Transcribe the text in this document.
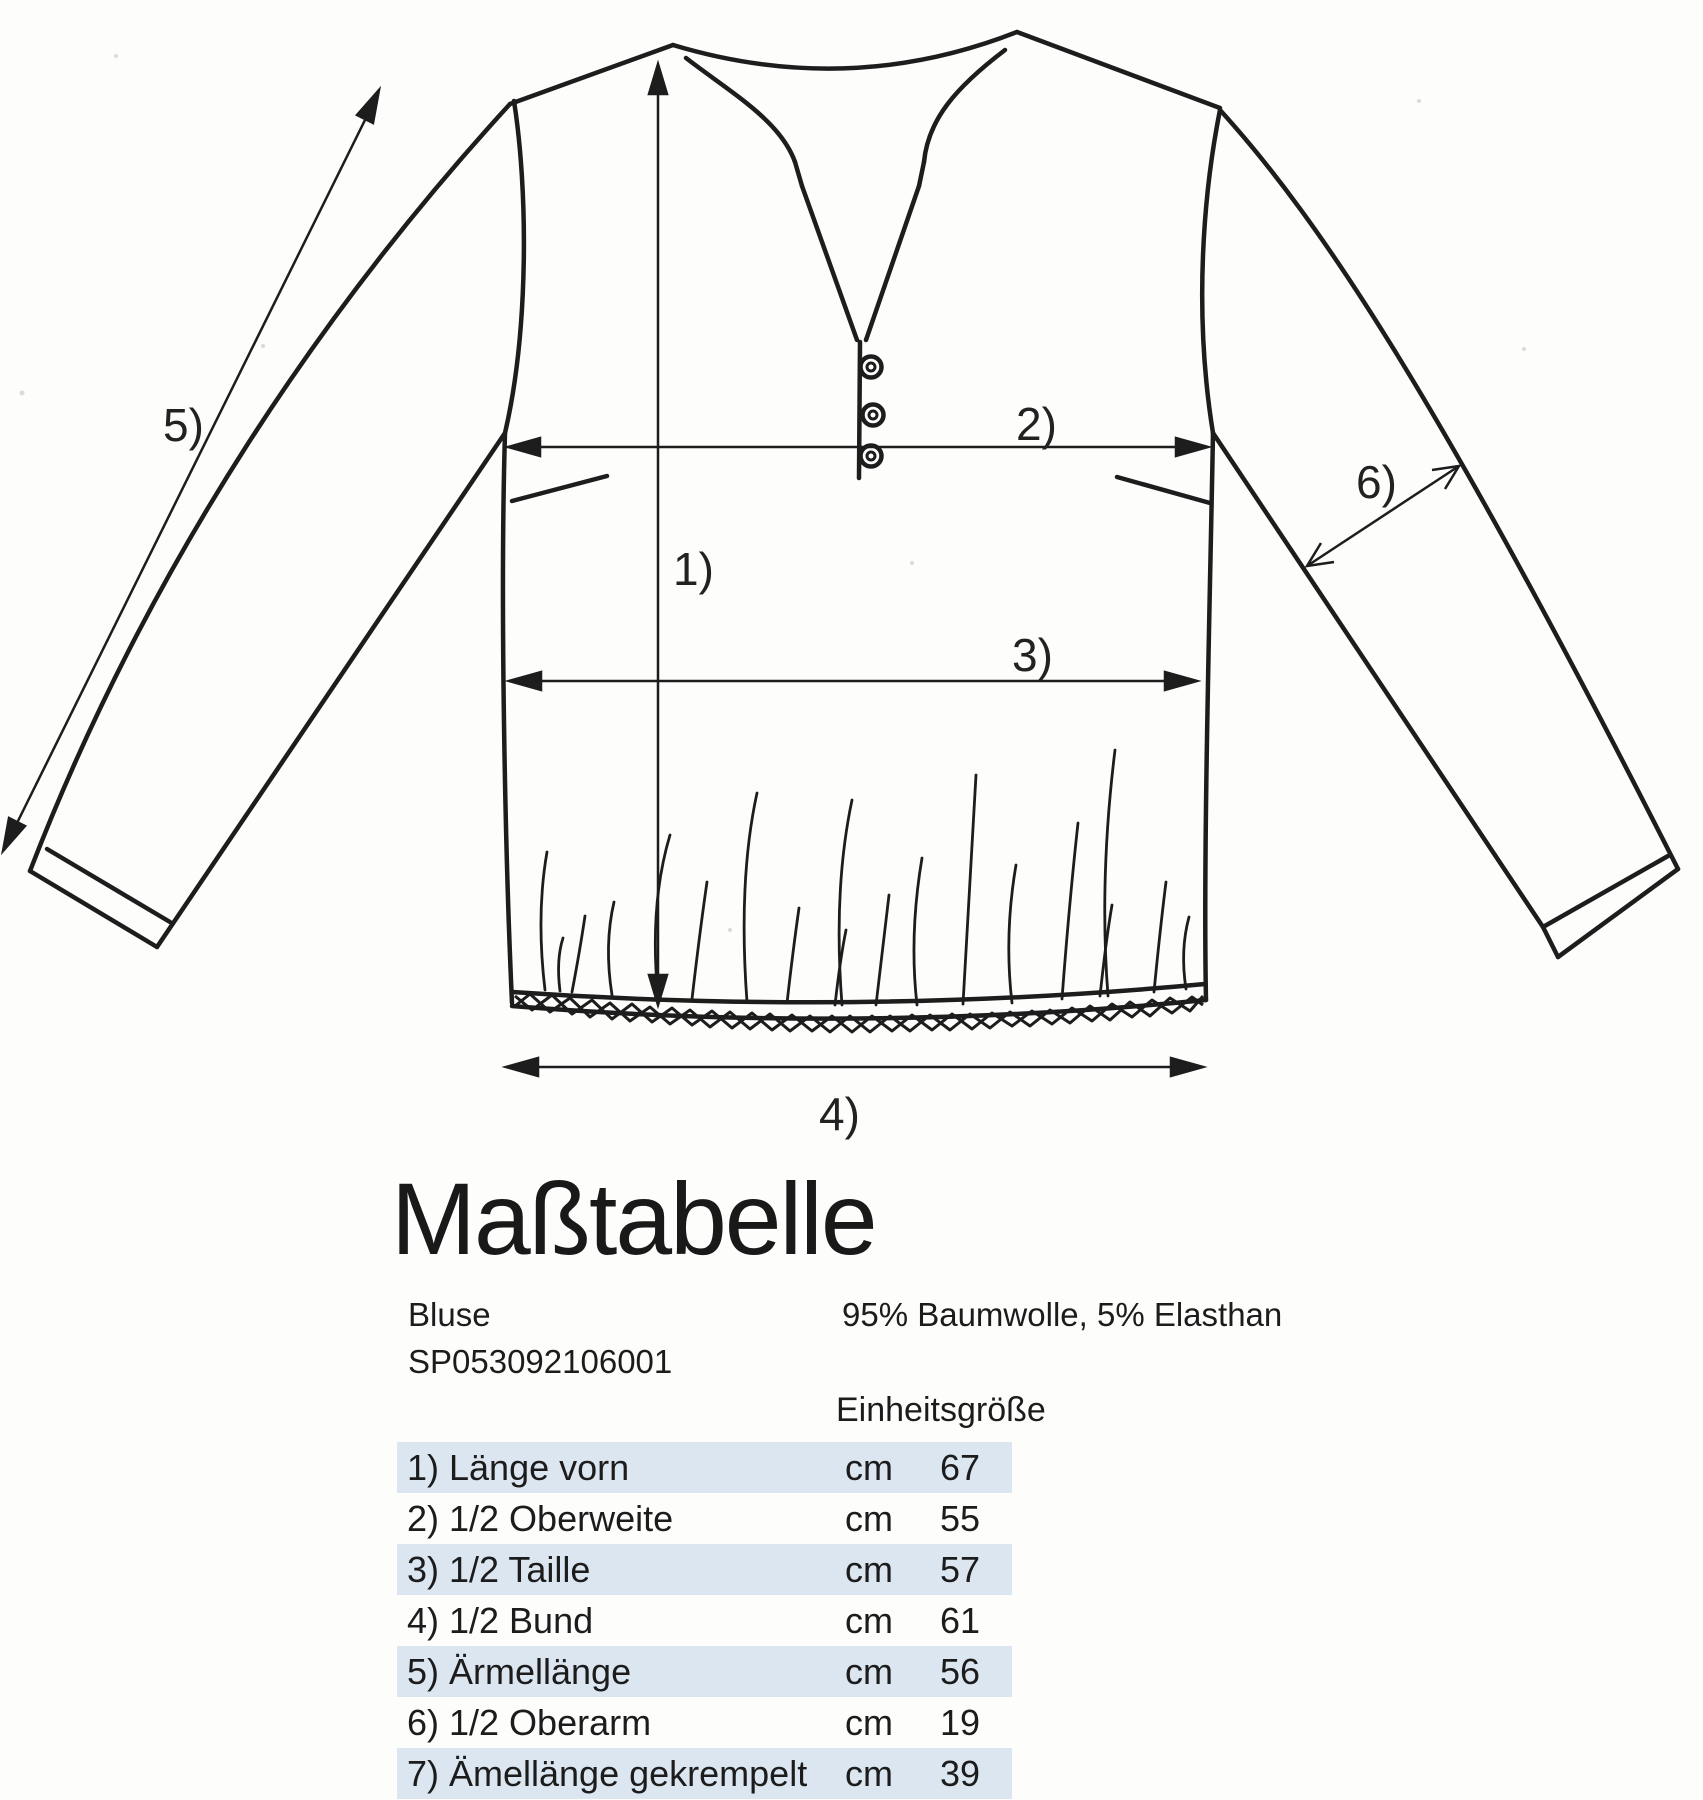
1)
2)
3)
4)
5)
6)
Maßtabelle
Bluse
SP053092106001
95% Baumwolle, 5% Elasthan
Einheitsgröße
1) Länge vorn	cm	67
2) 1/2 Oberweite	cm	55
3) 1/2 Taille	cm	57
4) 1/2 Bund	cm	61
5) Ärmellänge	cm	56
6) 1/2 Oberarm	cm	19
7) Ämellänge gekrempelt	cm	39
